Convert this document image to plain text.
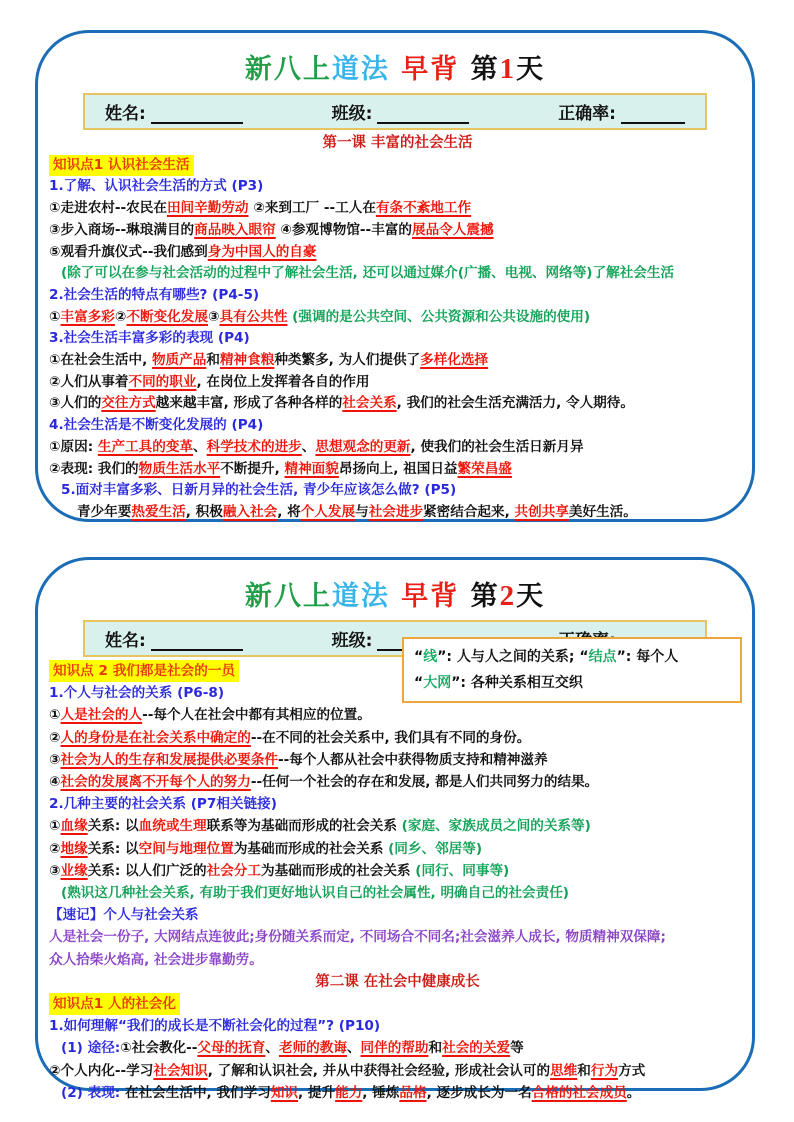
新八上道法 早背 第1天
姓名:	班级:	正确率:
第一课 丰富的社会生活
知识点1 认识社会生活
1.了解、认识社会生活的方式 (P3)
①走进农村--农民在田间辛勤劳动 ②来到工厂 --工人在有条不紊地工作
③步入商场--琳琅满目的商品映入眼帘 ④参观博物馆--丰富的展品令人震撼
⑤观看升旗仪式--我们感到身为中国人的自豪
(除了可以在参与社会活动的过程中了解社会生活, 还可以通过媒介(广播、电视、网络等)了解社会生活
2.社会生活的特点有哪些? (P4-5)
①丰富多彩②不断变化发展③具有公共性 (强调的是公共空间、公共资源和公共设施的使用)
3.社会生活丰富多彩的表现 (P4)
①在社会生活中, 物质产品和精神食粮种类繁多, 为人们提供了多样化选择
②人们从事着不同的职业, 在岗位上发挥着各自的作用
③人们的交往方式越来越丰富, 形成了各种各样的社会关系, 我们的社会生活充满活力, 令人期待。
4.社会生活是不断变化发展的 (P4)
①原因: 生产工具的变革、科学技术的进步、思想观念的更新, 使我们的社会生活日新月异
②表现: 我们的物质生活水平不断提升, 精神面貌昂扬向上, 祖国日益繁荣昌盛
5.面对丰富多彩、日新月异的社会生活, 青少年应该怎么做? (P5)
青少年要热爱生活, 积极融入社会, 将个人发展与社会进步紧密结合起来, 共创共享美好生活。
新八上道法 早背 第2天
姓名:	班级:
“线”: 人与人之间的关系; “结点”: 每个人
“大网”: 各种关系相互交织
知识点 2 我们都是社会的一员
1.个人与社会的关系 (P6-8)
①人是社会的人--每个人在社会中都有其相应的位置。
②人的身份是在社会关系中确定的--在不同的社会关系中, 我们具有不同的身份。
③社会为人的生存和发展提供必要条件--每个人都从社会中获得物质支持和精神滋养
④社会的发展离不开每个人的努力--任何一个社会的存在和发展, 都是人们共同努力的结果。
2.几种主要的社会关系 (P7相关链接)
①血缘关系: 以血统或生理联系等为基础而形成的社会关系 (家庭、家族成员之间的关系等)
②地缘关系: 以空间与地理位置为基础而形成的社会关系 (同乡、邻居等)
③业缘关系: 以人们广泛的社会分工为基础而形成的社会关系 (同行、同事等)
(熟识这几种社会关系, 有助于我们更好地认识自己的社会属性, 明确自己的社会责任)
【速记】个人与社会关系
人是社会一份子, 大网结点连彼此;身份随关系而定, 不同场合不同名;社会滋养人成长, 物质精神双保障;
众人拾柴火焰高, 社会进步靠勤劳。
第二课 在社会中健康成长
知识点1 人的社会化
1.如何理解“我们的成长是不断社会化的过程”? (P10)
(1) 途径:①社会教化--父母的抚育、老师的教诲、同伴的帮助和社会的关爱等
②个人内化--学习社会知识, 了解和认识社会, 并从中获得社会经验, 形成社会认可的思维和行为方式
(2) 表现: 在社会生活中, 我们学习知识, 提升能力, 锤炼品格, 逐步成长为一名合格的社会成员。
